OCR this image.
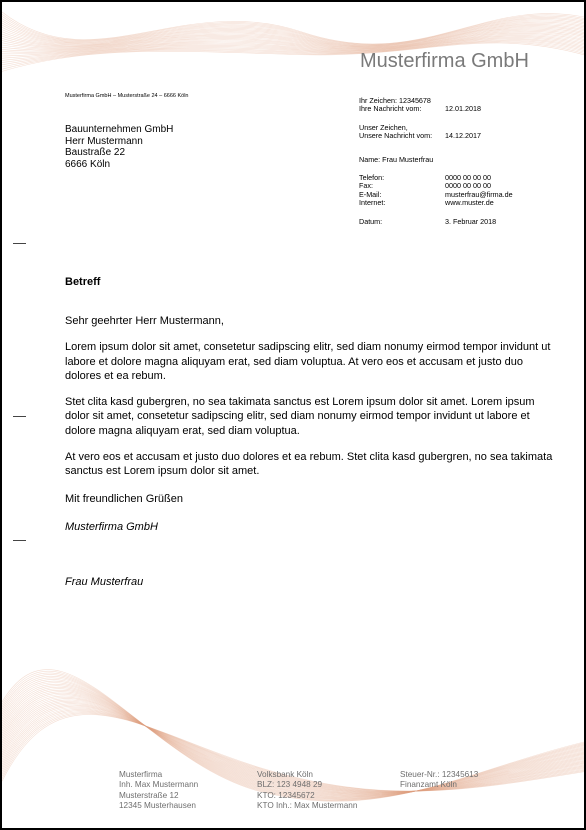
Musterfirma GmbH
Musterfirma GmbH – Musterstraße 24 – 6666 Köln
Bauunternehmen GmbH
Herr Mustermann
Baustraße 22
6666 Köln
Ihr Zeichen: 12345678
Ihre Nachricht vom:	12.01.2018
Unser Zeichen,
Unsere Nachricht vom: 14.12.2017
Name: Frau Musterfrau
Telefon:	0000 00 00 00
Fax:	0000 00 00 00
E-Mail:	musterfrau@firma.de
Internet:	www.muster.de
Datum:	3. Februar 2018
Betreff

Sehr geehrter Herr Mustermann,

Lorem ipsum dolor sit amet, consetetur sadipscing elitr, sed diam nonumy eirmod tempor invidunt ut labore et dolore magna aliquyam erat, sed diam voluptua. At vero eos et accusam et justo duo dolores et ea rebum.

Stet clita kasd gubergren, no sea takimata sanctus est Lorem ipsum dolor sit amet. Lorem ipsum dolor sit amet, consetetur sadipscing elitr, sed diam nonumy eirmod tempor invidunt ut labore et dolore magna aliquyam erat, sed diam voluptua.

At vero eos et accusam et justo duo dolores et ea rebum. Stet clita kasd gubergren, no sea takimata sanctus est Lorem ipsum dolor sit amet.

Mit freundlichen Grüßen
Musterfirma GmbH
Frau Musterfrau
Musterfirma
Inh. Max Mustermann
Musterstraße 12
12345 Musterhausen
Volksbank Köln
BLZ: 123 4948 29
KTO: 12345672
KTO Inh.: Max Mustermann
Steuer-Nr.: 12345613
Finanzamt Köln
